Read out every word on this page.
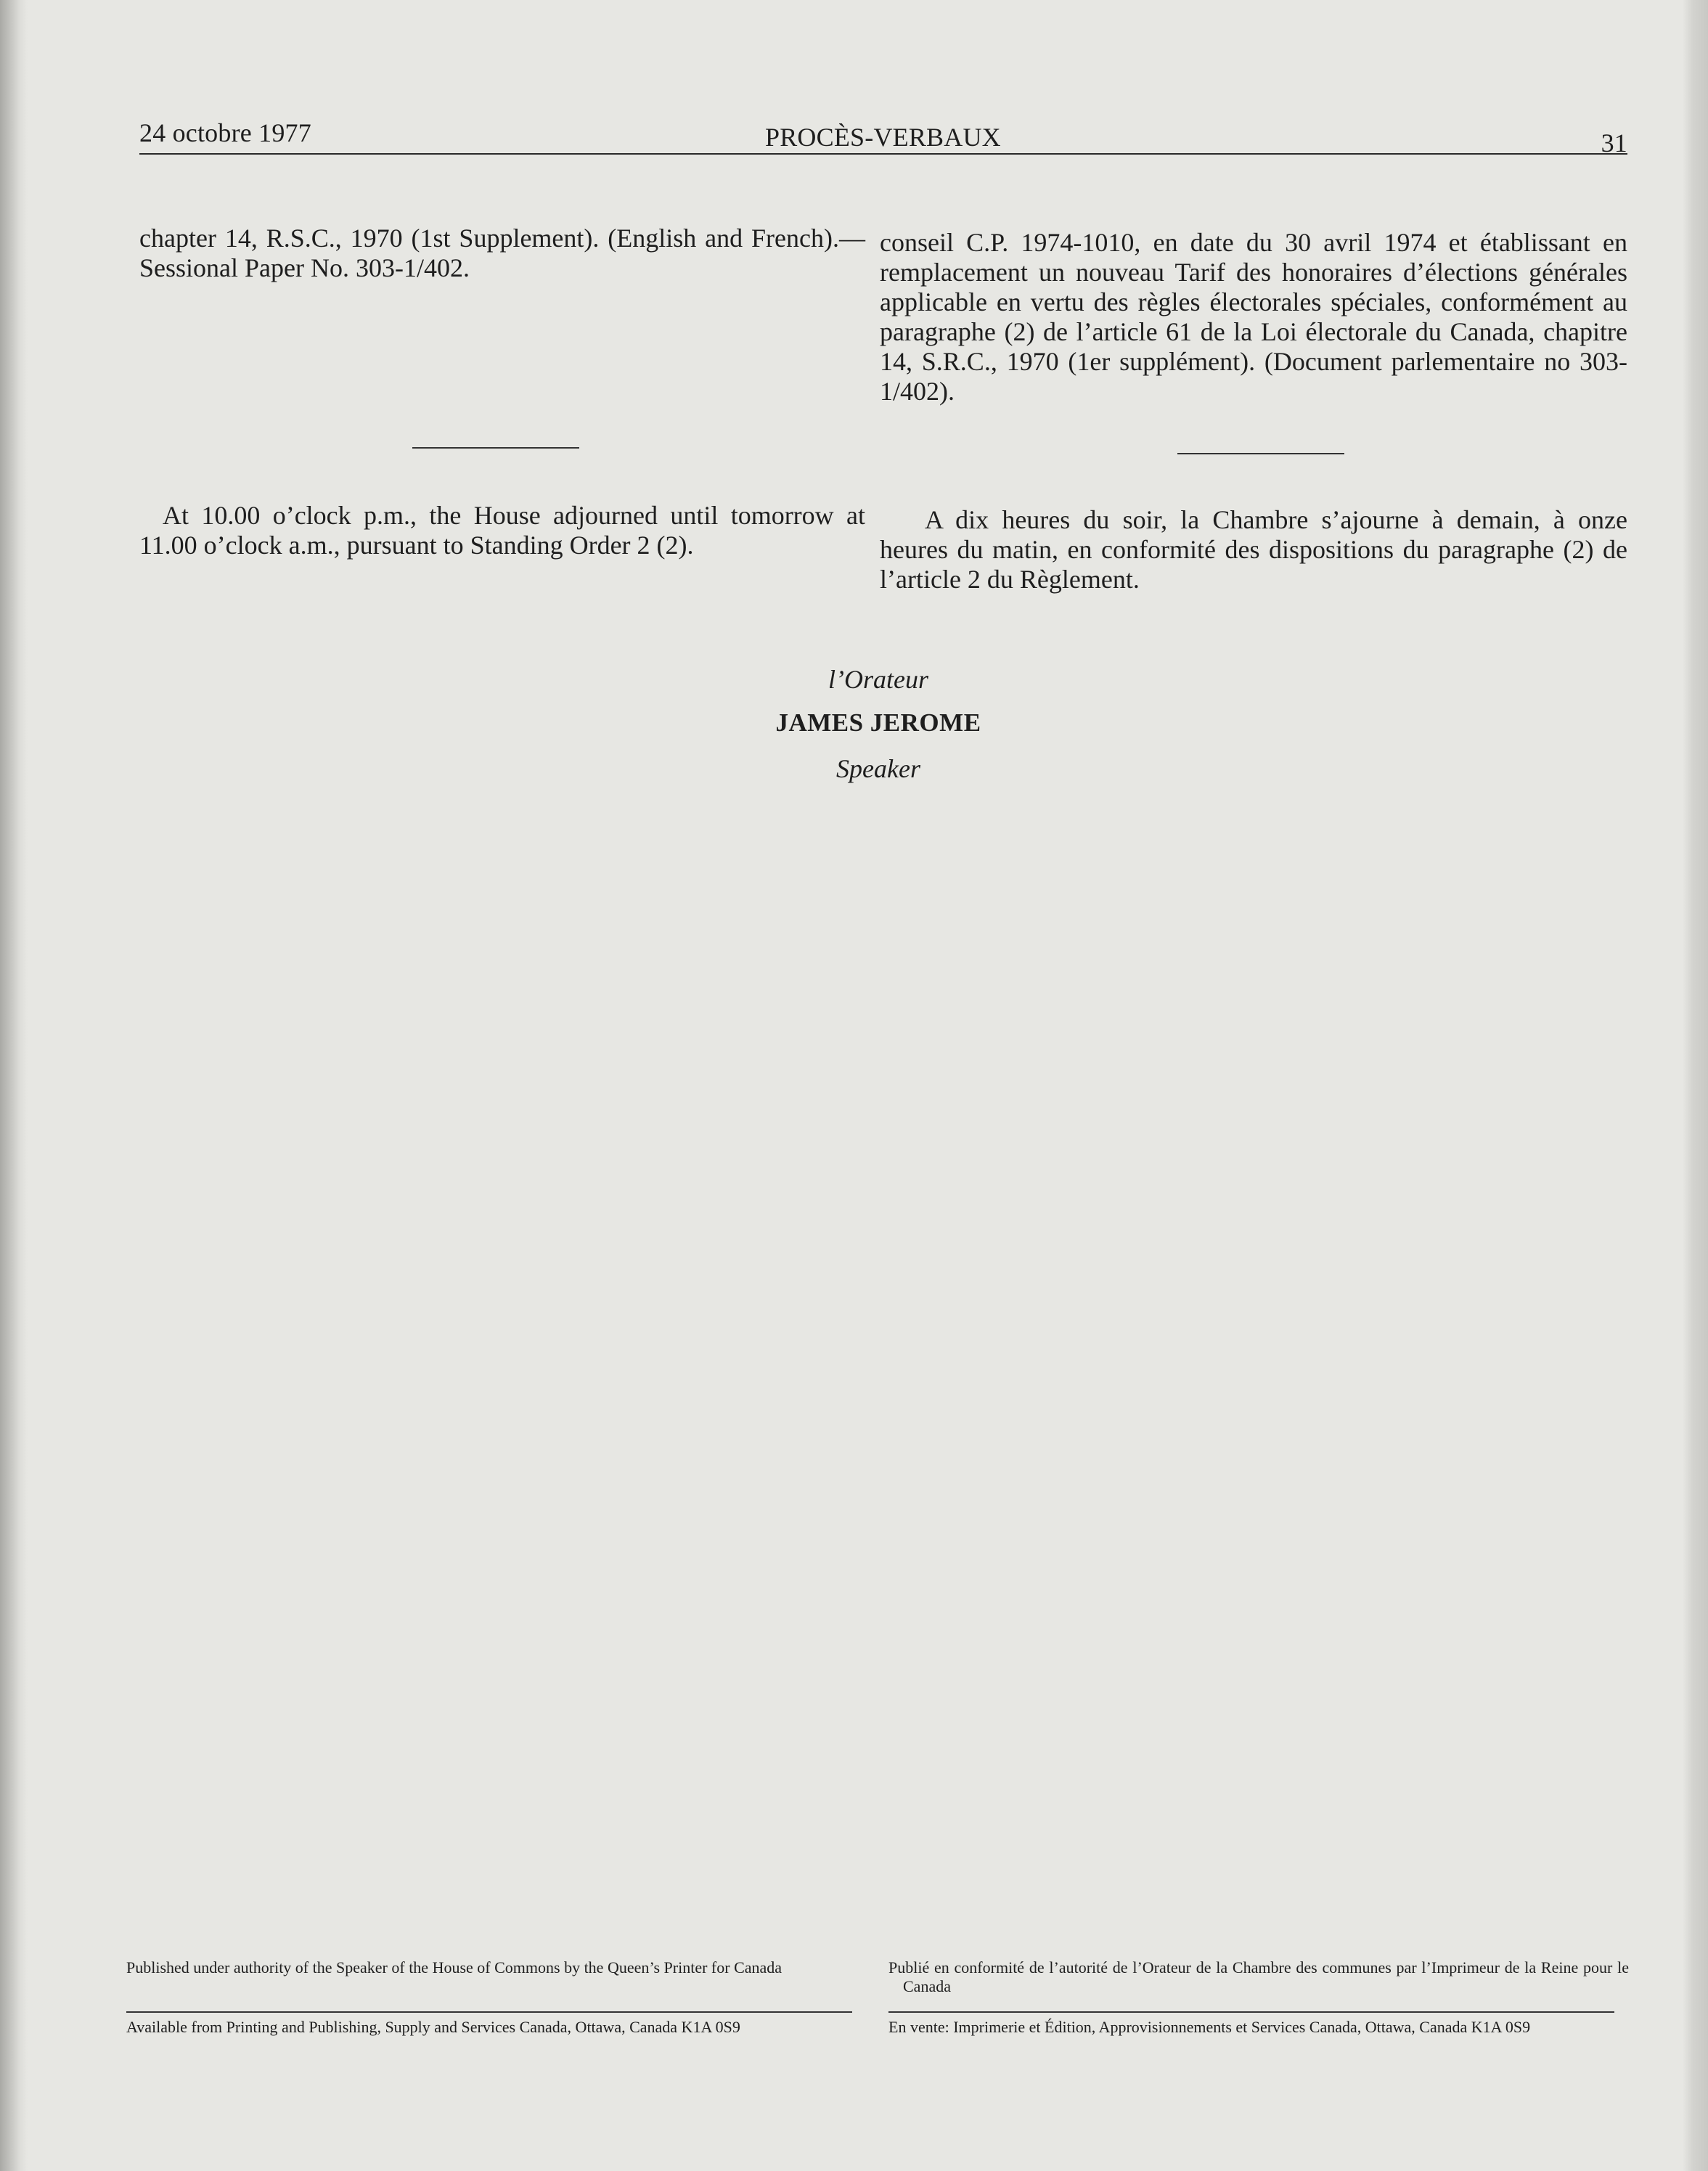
24 octobre 1977	PROCÈS-VERBAUX	31

chapter 14, R.S.C., 1970 (1st Supplement). (English and French).—Sessional Paper No. 303-1/402.

conseil C.P. 1974-1010, en date du 30 avril 1974 et établissant en remplacement un nouveau Tarif des honoraires d’élections générales applicable en vertu des règles électorales spéciales, conformément au paragraphe (2) de l’article 61 de la Loi électorale du Canada, chapitre 14, S.R.C., 1970 (1er supplément). (Document parlementaire no 303-1/402).

At 10.00 o’clock p.m., the House adjourned until tomorrow at 11.00 o’clock a.m., pursuant to Standing Order 2 (2).

A dix heures du soir, la Chambre s’ajourne à demain, à onze heures du matin, en conformité des dispositions du paragraphe (2) de l’article 2 du Règlement.

l’Orateur

JAMES JEROME

Speaker

Published under authority of the Speaker of the House of Commons by the Queen’s Printer for Canada	Publié en conformité de l’autorité de l’Orateur de la Chambre des communes par l’Imprimeur de la Reine pour le Canada

Available from Printing and Publishing, Supply and Services Canada, Ottawa, Canada K1A 0S9	En vente: Imprimerie et Édition, Approvisionnements et Services Canada, Ottawa, Canada K1A 0S9
